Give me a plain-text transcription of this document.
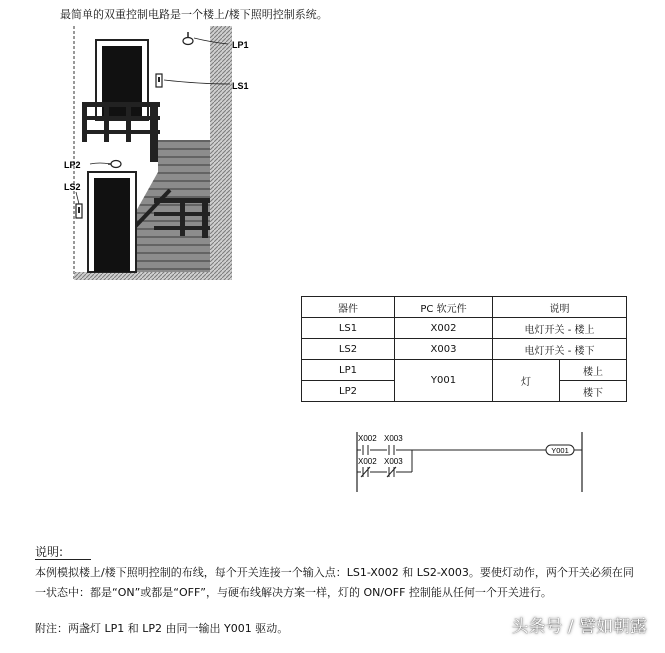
最简单的双重控制电路是一个楼上/楼下照明控制系统。
LP1
LS1
LP2
LS2
器件	PC 软元件	说明	
LS1	X002	电灯开关 - 楼上	
LS2	X003	电灯开关 - 楼下	
LP1	Y001	灯	楼上
LP2			楼下
X002 X003
X002 X003
Y001
说明:
本例模拟楼上/楼下照明控制的布线，每个开关连接一个输入点：LS1-X002 和 LS2-X003。要使灯动作，两个开关必须在同一状态中：都是“ON”或都是“OFF”，与硬布线解决方案一样，灯的 ON/OFF 控制能从任何一个开关进行。
附注：两盏灯 LP1 和 LP2 由同一输出 Y001 驱动。	头条号 / 譬如朝露
